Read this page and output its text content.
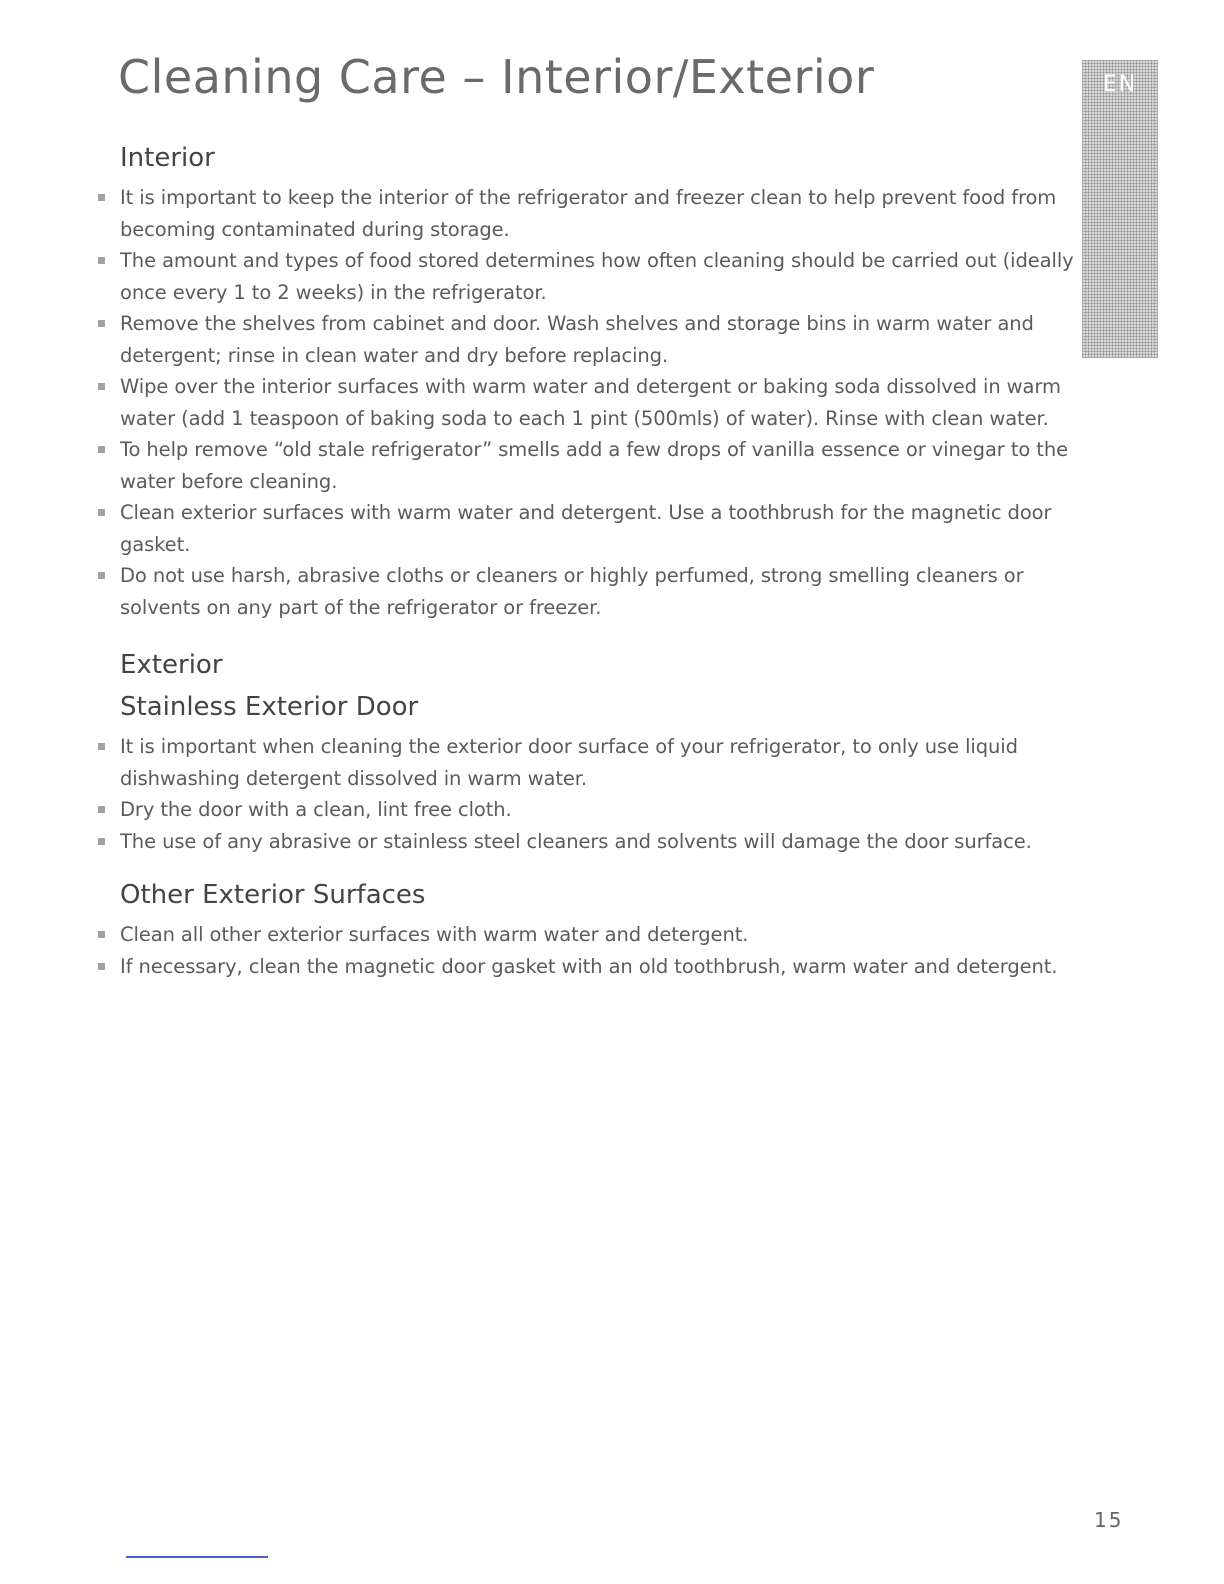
Cleaning Care – Interior/Exterior	EN
Interior
It is important to keep the interior of the refrigerator and freezer clean to help prevent food from becoming contaminated during storage.
The amount and types of food stored determines how often cleaning should be carried out (ideally once every 1 to 2 weeks) in the refrigerator.
Remove the shelves from cabinet and door. Wash shelves and storage bins in warm water and detergent; rinse in clean water and dry before replacing.
Wipe over the interior surfaces with warm water and detergent or baking soda dissolved in warm water (add 1 teaspoon of baking soda to each 1 pint (500mls) of water). Rinse with clean water.
To help remove “old stale refrigerator” smells add a few drops of vanilla essence or vinegar to the water before cleaning.
Clean exterior surfaces with warm water and detergent. Use a toothbrush for the magnetic door gasket.
Do not use harsh, abrasive cloths or cleaners or highly perfumed, strong smelling cleaners or solvents on any part of the refrigerator or freezer.
Exterior
Stainless Exterior Door
It is important when cleaning the exterior door surface of your refrigerator, to only use liquid dishwashing detergent dissolved in warm water.
Dry the door with a clean, lint free cloth.
The use of any abrasive or stainless steel cleaners and solvents will damage the door surface.
Other Exterior Surfaces
Clean all other exterior surfaces with warm water and detergent.
If necessary, clean the magnetic door gasket with an old toothbrush, warm water and detergent.
15
